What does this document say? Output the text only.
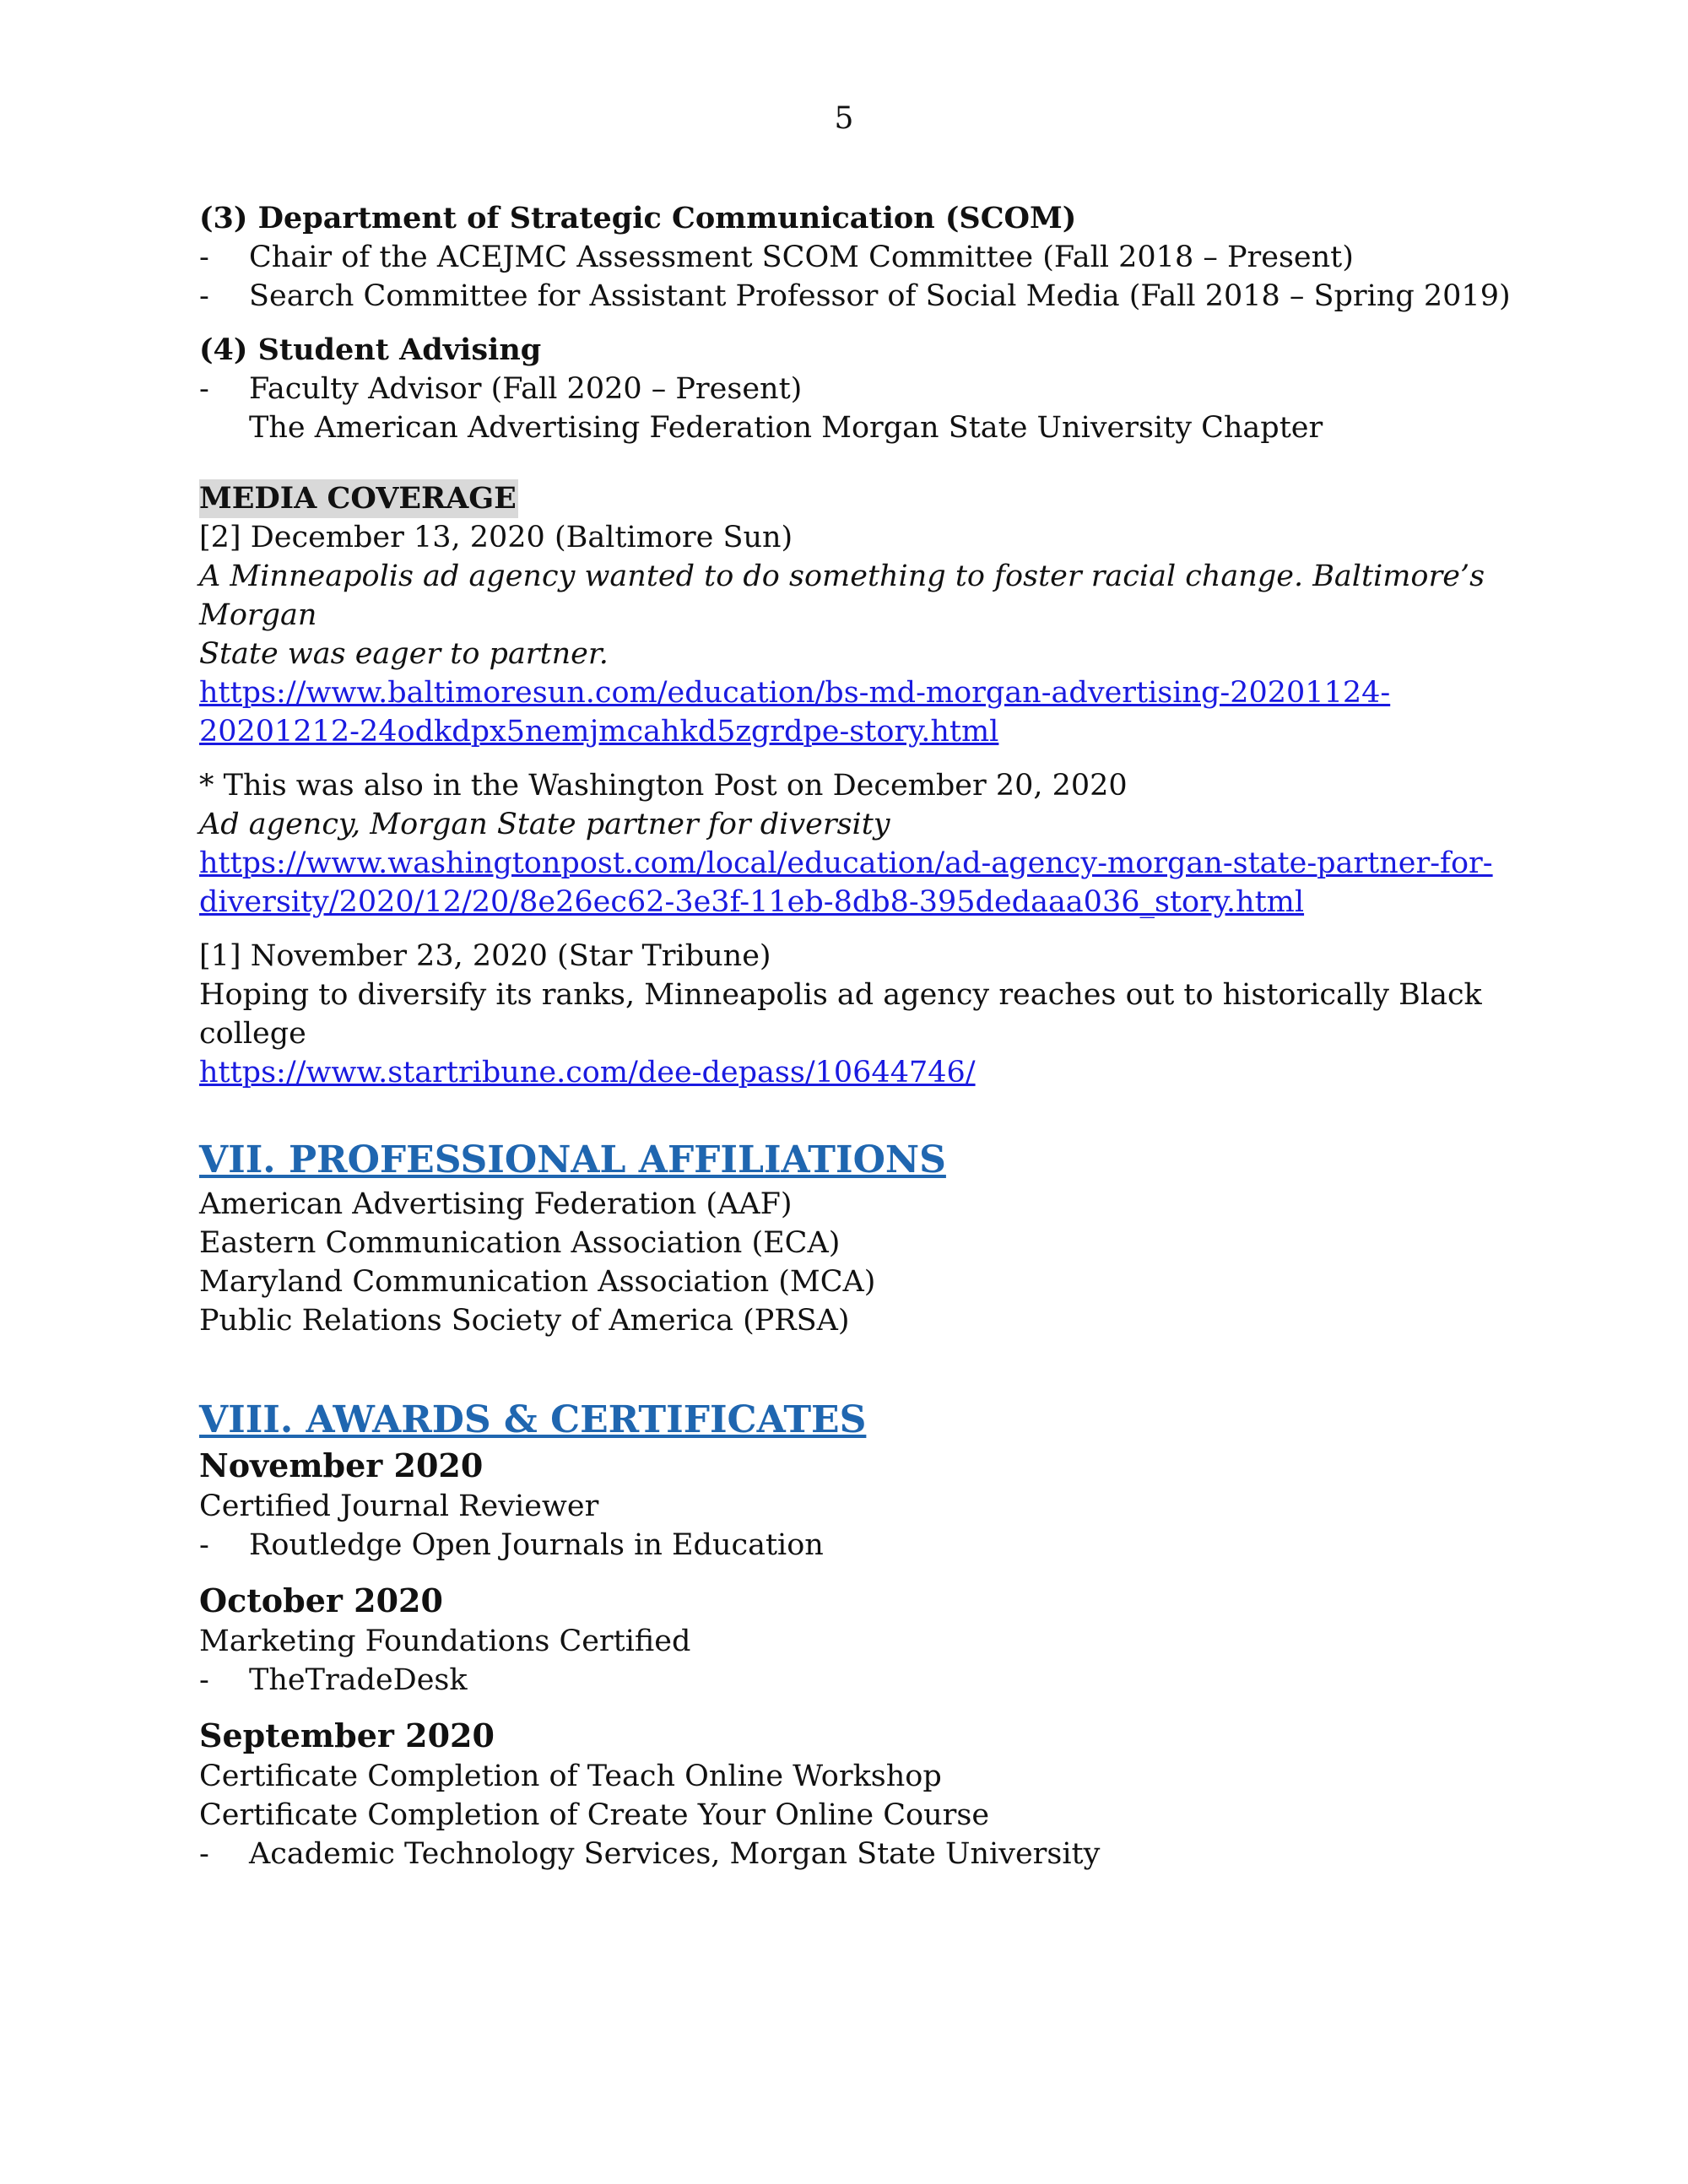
5

(3) Department of Strategic Communication (SCOM)

-	Chair of the ACEJMC Assessment SCOM Committee (Fall 2018 – Present)
-	Search Committee for Assistant Professor of Social Media (Fall 2018 – Spring 2019)

(4) Student Advising

-	Faculty Advisor (Fall 2020 – Present)

The American Advertising Federation Morgan State University Chapter

MEDIA COVERAGE

[2] December 13, 2020 (Baltimore Sun)

A Minneapolis ad agency wanted to do something to foster racial change. Baltimore’s Morgan

State was eager to partner.

https://www.baltimoresun.com/education/bs-md-morgan-advertising-20201124-

20201212-24odkdpx5nemjmcahkd5zgrdpe-story.html

* This was also in the Washington Post on December 20, 2020

Ad agency, Morgan State partner for diversity

https://www.washingtonpost.com/local/education/ad-agency-morgan-state-partner-for-

diversity/2020/12/20/8e26ec62-3e3f-11eb-8db8-395dedaaa036_story.html

[1] November 23, 2020 (Star Tribune)

Hoping to diversify its ranks, Minneapolis ad agency reaches out to historically Black

college

https://www.startribune.com/dee-depass/10644746/

VII. PROFESSIONAL AFFILIATIONS

American Advertising Federation (AAF)

Eastern Communication Association (ECA)

Maryland Communication Association (MCA)

Public Relations Society of America (PRSA)

VIII. AWARDS & CERTIFICATES

November 2020

Certified Journal Reviewer

-	Routledge Open Journals in Education

October 2020

Marketing Foundations Certified

-	TheTradeDesk

September 2020

Certificate Completion of Teach Online Workshop

Certificate Completion of Create Your Online Course

-	Academic Technology Services, Morgan State University
